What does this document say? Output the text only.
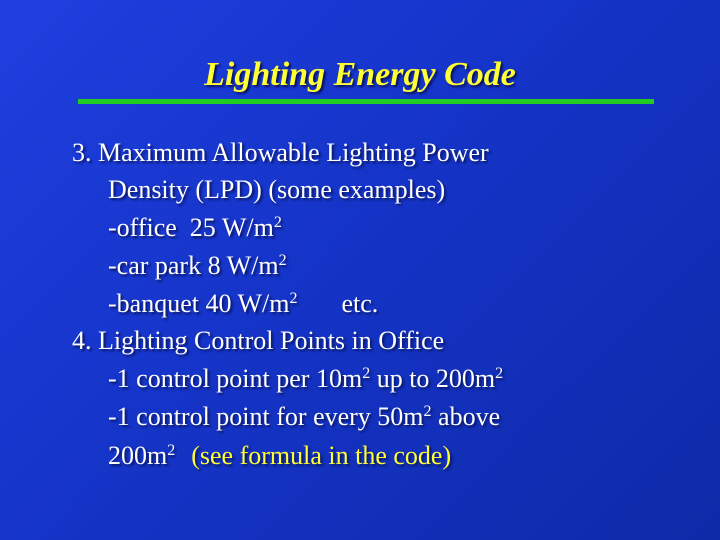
Lighting Energy Code
3. Maximum Allowable Lighting Power
Density (LPD) (some examples)
-office  25 $W/m^2$
-car park 8 $W/m^2$
-banquet 40 $W/m^2$ etc.
4. Lighting Control Points in Office
-1 control point per $10m^2$ up to $200m^2$
-1 control point for every $50m^2$ above
$200m^2$ (see formula in the code)
